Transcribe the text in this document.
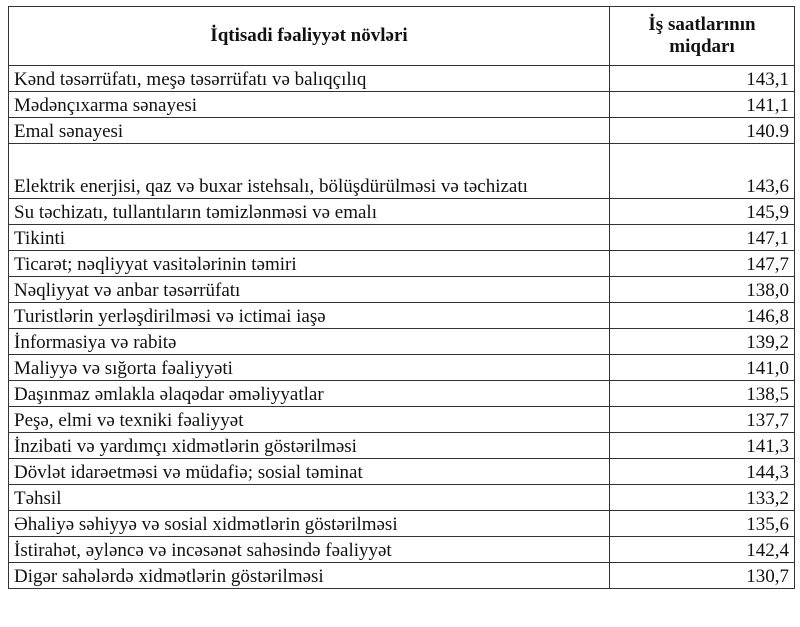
İqtisadi fəaliyyət növləri	İş saatlarının
miqdarı

Kənd təsərrüfatı, meşə təsərrüfatı və balıqçılıq	143,1
Mədənçıxarma sənayesi	141,1
Emal sənayesi	140.9
Elektrik enerjisi, qaz və buxar istehsalı, bölüşdürülməsi və təchizatı	143,6
Su təchizatı, tullantıların təmizlənməsi və emalı	145,9
Tikinti	147,1
Ticarət; nəqliyyat vasitələrinin təmiri	147,7
Nəqliyyat və anbar təsərrüfatı	138,0
Turistlərin yerləşdirilməsi və ictimai iaşə	146,8
İnformasiya və rabitə	139,2
Maliyyə və sığorta fəaliyyəti	141,0
Daşınmaz əmlakla əlaqədar əməliyyatlar	138,5
Peşə, elmi və texniki fəaliyyət	137,7
İnzibati və yardımçı xidmətlərin göstərilməsi	141,3
Dövlət idarəetməsi və müdafiə; sosial təminat	144,3
Təhsil	133,2
Əhaliyə səhiyyə və sosial xidmətlərin göstərilməsi	135,6
İstirahət, əyləncə və incəsənət sahəsində fəaliyyət	142,4
Digər sahələrdə xidmətlərin göstərilməsi	130,7
